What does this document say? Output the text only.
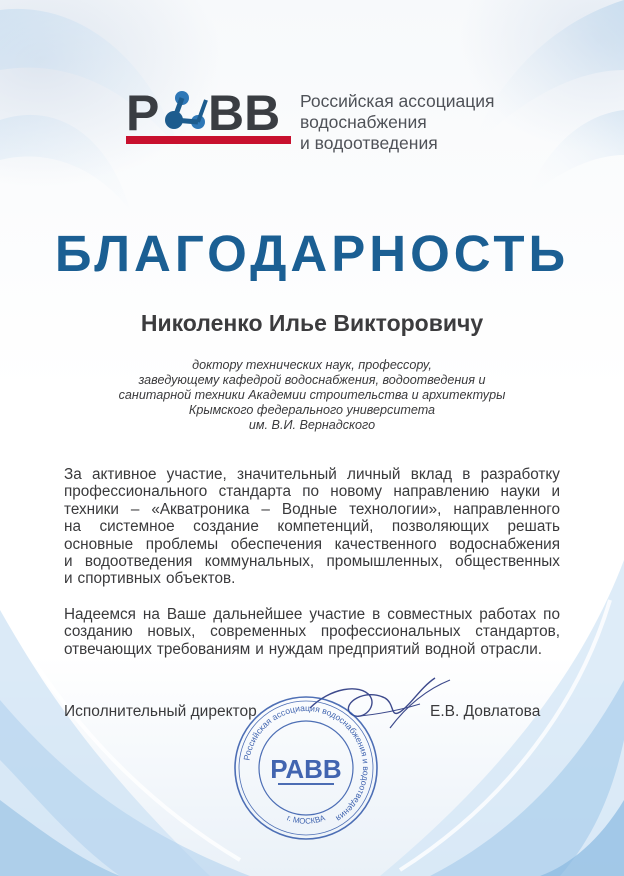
Р ВВ Российская ассоциация
водоснабжения
и водоотведения
БЛАГОДАРНОСТЬ
Николенко Илье Викторовичу
доктору технических наук, профессору,
заведующему кафедрой водоснабжения, водоотведения и
санитарной техники Академии строительства и архитектуры
Крымского федерального университета
им. В.И. Вернадского
За активное участие, значительный личный вклад в разработку
профессионального стандарта по новому направлению науки и
техники – «Акватроника – Водные технологии», направленного
на системное создание компетенций, позволяющих решать
основные проблемы обеспечения качественного водоснабжения
и водоотведения коммунальных, промышленных, общественных
и спортивных объектов.
Надеемся на Ваше дальнейшее участие в совместных работах по
созданию новых, современных профессиональных стандартов,
отвечающих требованиям и нуждам предприятий водной отрасли.
Исполнительный директор	Е.В. Довлатова
Российская ассоциация водоснабжения и водоотведения
г. МОСКВА
РАВВ
